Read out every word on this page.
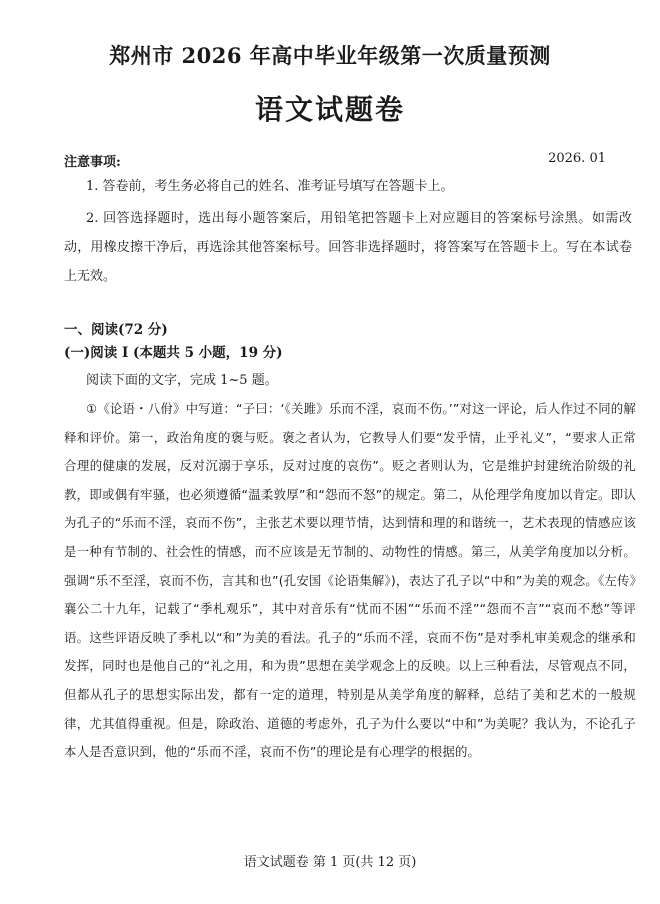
郑州市 2026 年高中毕业年级第一次质量预测
语文试题卷
注意事项:	2026. 01
1. 答卷前，考生务必将自己的姓名、准考证号填写在答题卡上。
2. 回答选择题时，选出每小题答案后，用铅笔把答题卡上对应题目的答案标号涂黑。如需改动，用橡皮擦干净后，再选涂其他答案标号。回答非选择题时，将答案写在答题卡上。写在本试卷上无效。
一、阅读(72 分)
(一)阅读 I (本题共 5 小题，19 分)
阅读下面的文字，完成 1~5 题。
①《论语・八佾》中写道：“子曰：‘《关雎》乐而不淫，哀而不伤。’”对这一评论，后人作过不同的解释和评价。第一，政治角度的褒与贬。褒之者认为，它教导人们要“发乎情，止乎礼义”，“要求人正常合理的健康的发展，反对沉溺于享乐，反对过度的哀伤”。贬之者则认为，它是维护封建统治阶级的礼教，即或偶有牢骚，也必须遵循“温柔敦厚”和“怨而不怒”的规定。第二，从伦理学角度加以肯定。即认为孔子的“乐而不淫，哀而不伤”，主张艺术要以理节情，达到情和理的和谐统一，艺术表现的情感应该是一种有节制的、社会性的情感，而不应该是无节制的、动物性的情感。第三，从美学角度加以分析。强调“乐不至淫，哀而不伤，言其和也”(孔安国《论语集解》)，表达了孔子以“中和”为美的观念。《左传》襄公二十九年，记载了“季札观乐”，其中对音乐有“忧而不困”“乐而不淫”“怨而不言”“哀而不愁”等评语。这些评语反映了季札以“和”为美的看法。孔子的“乐而不淫，哀而不伤”是对季札审美观念的继承和发挥，同时也是他自己的“礼之用，和为贵”思想在美学观念上的反映。以上三种看法，尽管观点不同，但都从孔子的思想实际出发，都有一定的道理，特别是从美学角度的解释，总结了美和艺术的一般规律，尤其值得重视。但是，除政治、道德的考虑外，孔子为什么要以“中和”为美呢？我认为，不论孔子本人是否意识到，他的“乐而不淫，哀而不伤”的理论是有心理学的根据的。
语文试题卷 第 1 页(共 12 页)
